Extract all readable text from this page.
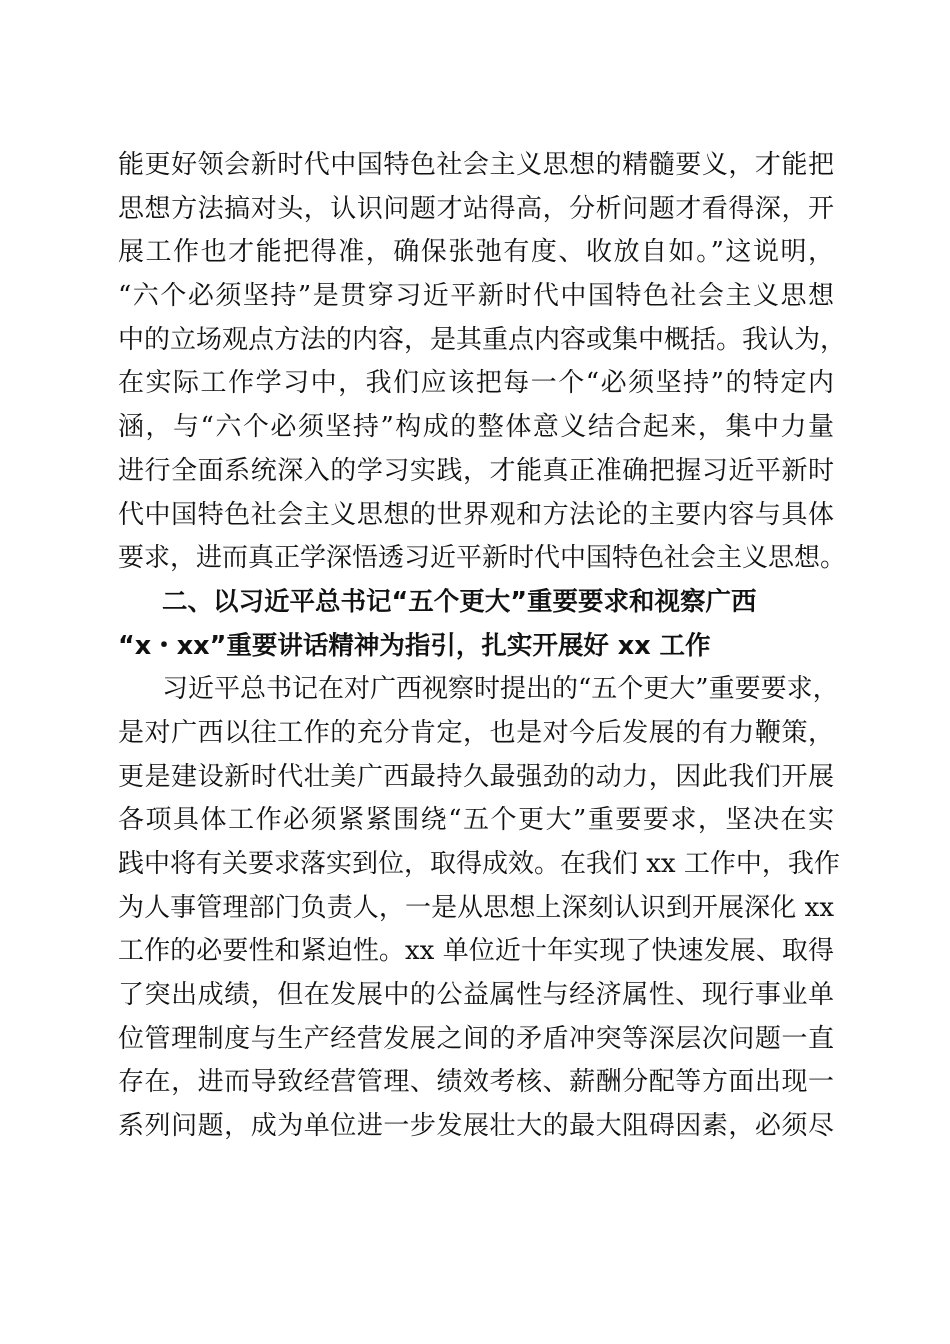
能更好领会新时代中国特色社会主义思想的精髓要义，才能把
思想方法搞对头，认识问题才站得高，分析问题才看得深，开
展工作也才能把得准，确保张弛有度、收放自如。”这说明，
“六个必须坚持”是贯穿习近平新时代中国特色社会主义思想
中的立场观点方法的内容，是其重点内容或集中概括。我认为，
在实际工作学习中，我们应该把每一个“必须坚持”的特定内
涵，与“六个必须坚持”构成的整体意义结合起来，集中力量
进行全面系统深入的学习实践，才能真正准确把握习近平新时
代中国特色社会主义思想的世界观和方法论的主要内容与具体
要求，进而真正学深悟透习近平新时代中国特色社会主义思想。
二、以习近平总书记“五个更大”重要要求和视察广西
“x・xx”重要讲话精神为指引，扎实开展好 xx 工作
习近平总书记在对广西视察时提出的“五个更大”重要要求，
是对广西以往工作的充分肯定，也是对今后发展的有力鞭策，
更是建设新时代壮美广西最持久最强劲的动力，因此我们开展
各项具体工作必须紧紧围绕“五个更大”重要要求，坚决在实
践中将有关要求落实到位，取得成效。在我们 xx 工作中，我作
为人事管理部门负责人，一是从思想上深刻认识到开展深化 xx
工作的必要性和紧迫性。xx 单位近十年实现了快速发展、取得
了突出成绩，但在发展中的公益属性与经济属性、现行事业单
位管理制度与生产经营发展之间的矛盾冲突等深层次问题一直
存在，进而导致经营管理、绩效考核、薪酬分配等方面出现一
系列问题，成为单位进一步发展壮大的最大阻碍因素，必须尽
